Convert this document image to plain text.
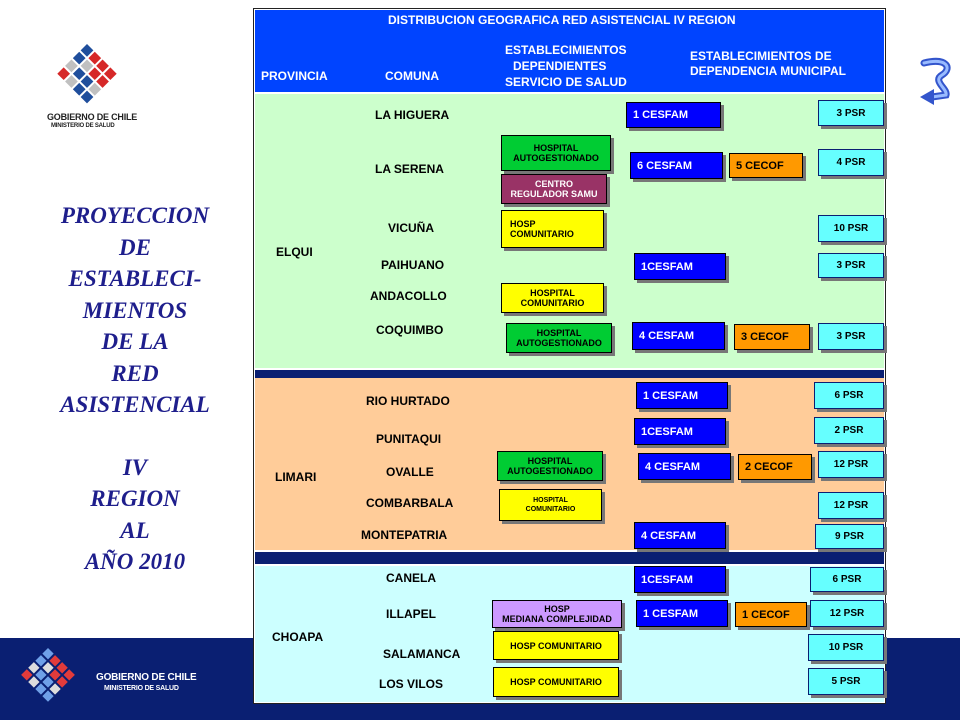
GOBIERNO DE CHILE
MINISTERIO DE SALUD
GOBIERNO DE CHILE
MINISTERIO DE SALUD
PROYECCION
DE
ESTABLECI-
MIENTOS
DE LA
RED
ASISTENCIAL
IV
REGION
AL
AÑO 2010
DISTRIBUCION GEOGRAFICA RED ASISTENCIAL IV REGION
PROVINCIA	COMUNA
ESTABLECIMIENTOS
DEPENDIENTES
SERVICIO DE SALUD
ESTABLECIMIENTOS DE
DEPENDENCIA MUNICIPAL
ELQUI
LIMARI
CHOAPA
LA HIGUERA
LA SERENA
VICUÑA
PAIHUANO
ANDACOLLO
COQUIMBO
RIO HURTADO
PUNITAQUI
OVALLE
COMBARBALA
MONTEPATRIA
CANELA
ILLAPEL
SALAMANCA
LOS VILOS
HOSPITAL
AUTOGESTIONADO
CENTRO
REGULADOR SAMU
HOSP
COMUNITARIO
HOSPITAL
COMUNITARIO
HOSPITAL
AUTOGESTIONADO
HOSPITAL
AUTOGESTIONADO
HOSPITAL
COMUNITARIO
HOSP
MEDIANA COMPLEJIDAD
HOSP COMUNITARIO
HOSP COMUNITARIO
1 CESFAM
6 CESFAM
1CESFAM
4 CESFAM
1 CESFAM
1CESFAM
4 CESFAM
4 CESFAM
1CESFAM
1 CESFAM
5 CECOF
3 CECOF
2 CECOF
1 CECOF
3 PSR
4 PSR
10 PSR
3 PSR
3 PSR
6 PSR
2 PSR
12 PSR
12 PSR
9 PSR
6 PSR
12 PSR
10 PSR
5 PSR
